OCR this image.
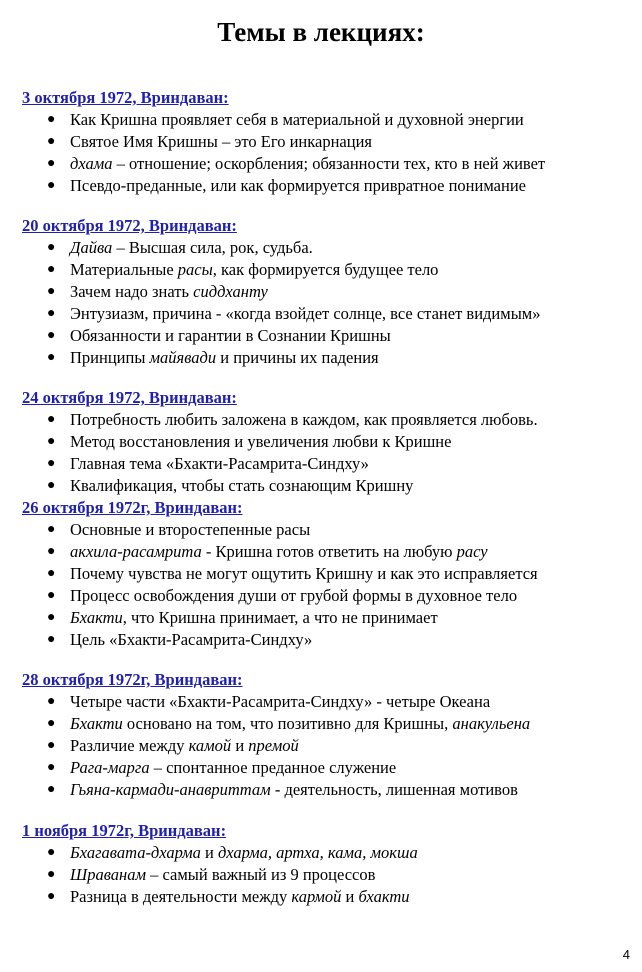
Темы в лекциях:
3 октября 1972, Вриндаван:
● Как Кришна проявляет себя в материальной и духовной энергии
● Святое Имя Кришны – это Его инкарнация
● дхама – отношение; оскорбления; обязанности тех, кто в ней живет
● Псевдо-преданные, или как формируется привратное понимание
20 октября 1972, Вриндаван:
● Дайва – Высшая сила, рок, судьба.
● Материальные расы, как формируется будущее тело
● Зачем надо знать сиддханту
● Энтузиазм, причина - «когда взойдет солнце, все станет видимым»
● Обязанности и гарантии в Сознании Кришны
● Принципы майявади и причины их падения
24 октября 1972, Вриндаван:
● Потребность любить заложена в каждом, как проявляется любовь.
● Метод восстановления и увеличения любви к Кришне
● Главная тема «Бхакти-Расамрита-Синдху»
● Квалификация, чтобы стать сознающим Кришну
26 октября 1972г, Вриндаван:
● Основные и второстепенные расы
● акхила-расамрита - Кришна готов ответить на любую расу
● Почему чувства не могут ощутить Кришну и как это исправляется
● Процесс освобождения души от грубой формы в духовное тело
● Бхакти, что Кришна принимает, а что не принимает
● Цель «Бхакти-Расамрита-Синдху»
28 октября 1972г, Вриндаван:
● Четыре части «Бхакти-Расамрита-Синдху» - четыре Океана
● Бхакти основано на том, что позитивно для Кришны, анакульена
● Различие между камой и премой
● Рага-марга – спонтанное преданное служение
● Гьяна-кармади-анавриттам - деятельность, лишенная мотивов
1 ноября 1972г, Вриндаван:
● Бхагавата-дхарма и дхарма, артха, кама, мокша
● Шраванам – самый важный из 9 процессов
● Разница в деятельности между кармой и бхакти
4
